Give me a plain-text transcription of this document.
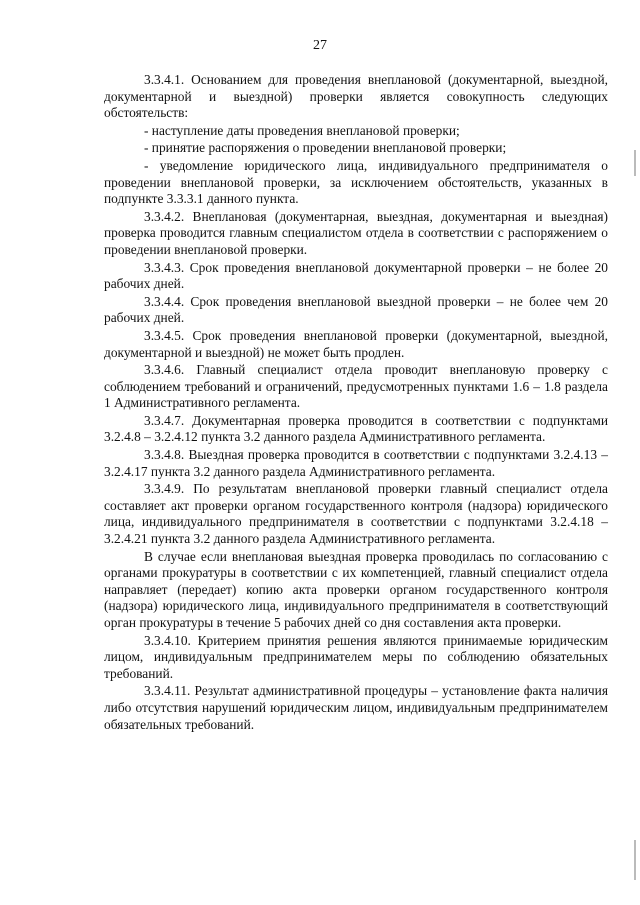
27

3.3.4.1. Основанием для проведения внеплановой (документарной, выездной, документарной и выездной) проверки является совокупность следующих обстоятельств:

- наступление даты проведения внеплановой проверки;

- принятие распоряжения о проведении внеплановой проверки;

- уведомление юридического лица, индивидуального предпринимателя о проведении внеплановой проверки, за исключением обстоятельств, указанных в подпункте 3.3.3.1 данного пункта.

3.3.4.2. Внеплановая (документарная, выездная, документарная и выездная) проверка проводится главным специалистом отдела в соответствии с распоряжением о проведении внеплановой проверки.

3.3.4.3. Срок проведения внеплановой документарной проверки – не более 20 рабочих дней.

3.3.4.4. Срок проведения внеплановой выездной проверки – не более чем 20 рабочих дней.

3.3.4.5. Срок проведения внеплановой проверки (документарной, выездной, документарной и выездной) не может быть продлен.

3.3.4.6. Главный специалист отдела проводит внеплановую проверку с соблюдением требований и ограничений, предусмотренных пунктами 1.6 – 1.8 раздела 1 Административного регламента.

3.3.4.7. Документарная проверка проводится в соответствии с подпунктами 3.2.4.8 – 3.2.4.12 пункта 3.2 данного раздела Административного регламента.

3.3.4.8. Выездная проверка проводится в соответствии с подпунктами 3.2.4.13 – 3.2.4.17 пункта 3.2 данного раздела Административного регламента.

3.3.4.9. По результатам внеплановой проверки главный специалист отдела составляет акт проверки органом государственного контроля (надзора) юридического лица, индивидуального предпринимателя в соответствии с подпунктами 3.2.4.18 – 3.2.4.21 пункта 3.2 данного раздела Административного регламента.

В случае если внеплановая выездная проверка проводилась по согласованию с органами прокуратуры в соответствии с их компетенцией, главный специалист отдела направляет (передает) копию акта проверки органом государственного контроля (надзора) юридического лица, индивидуального предпринимателя в соответствующий орган прокуратуры в течение 5 рабочих дней со дня составления акта проверки.

3.3.4.10. Критерием принятия решения являются принимаемые юридическим лицом, индивидуальным предпринимателем меры по соблюдению обязательных требований.

3.3.4.11. Результат административной процедуры – установление факта наличия либо отсутствия нарушений юридическим лицом, индивидуальным предпринимателем обязательных требований.
